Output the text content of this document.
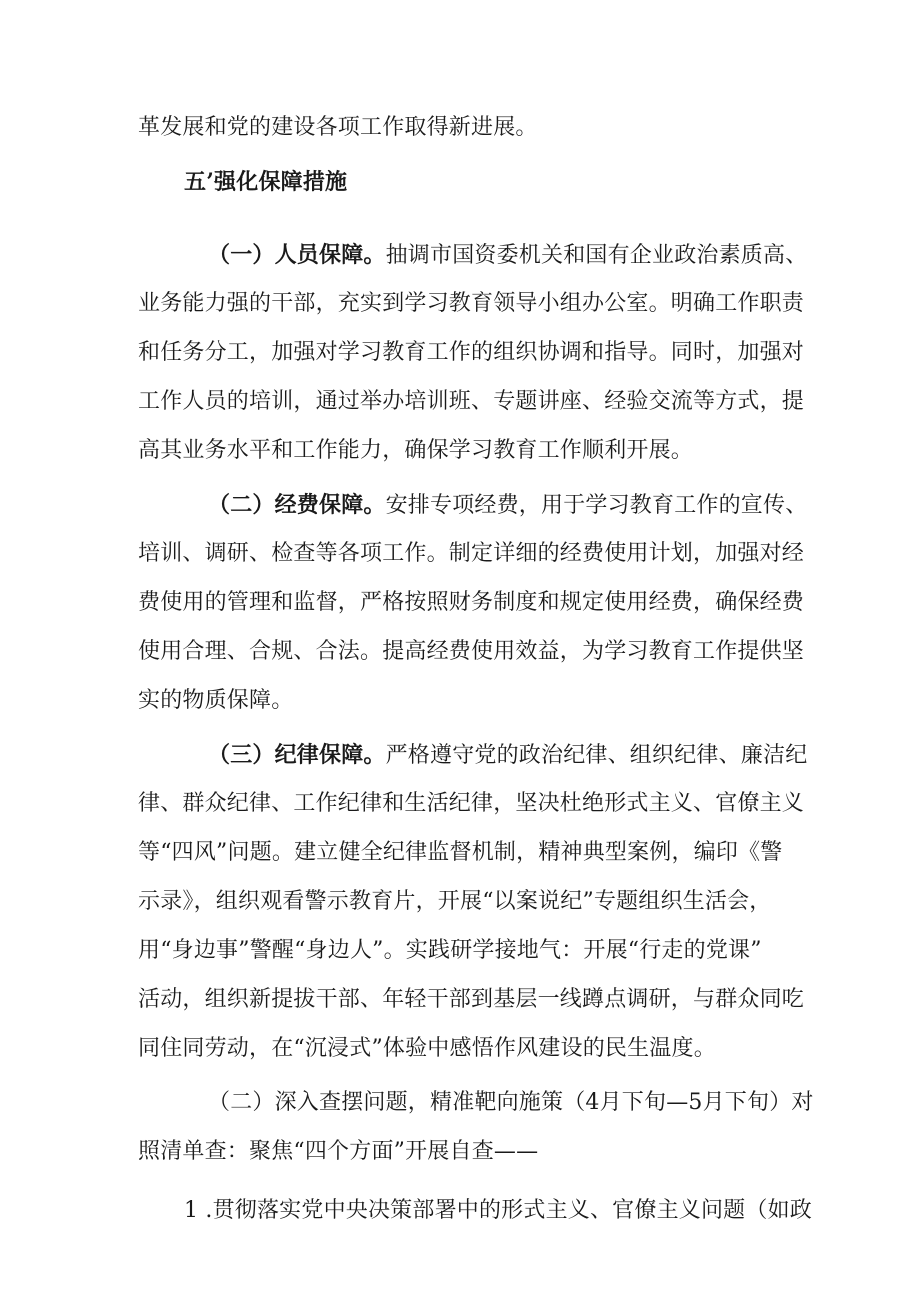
革发展和党的建设各项工作取得新进展。
五’强化保障措施
（一）人员保障。抽调市国资委机关和国有企业政治素质高、
业务能力强的干部，充实到学习教育领导小组办公室。明确工作职责
和任务分工，加强对学习教育工作的组织协调和指导。同时，加强对
工作人员的培训，通过举办培训班、专题讲座、经验交流等方式，提
高其业务水平和工作能力，确保学习教育工作顺利开展。
（二）经费保障。安排专项经费，用于学习教育工作的宣传、
培训、调研、检查等各项工作。制定详细的经费使用计划，加强对经
费使用的管理和监督，严格按照财务制度和规定使用经费，确保经费
使用合理、合规、合法。提高经费使用效益，为学习教育工作提供坚
实的物质保障。
（三）纪律保障。严格遵守党的政治纪律、组织纪律、廉洁纪
律、群众纪律、工作纪律和生活纪律，坚决杜绝形式主义、官僚主义
等“四风”问题。建立健全纪律监督机制，精神典型案例，编印《警
示录》，组织观看警示教育片，开展“以案说纪”专题组织生活会，
用“身边事”警醒“身边人”。实践研学接地气：开展“行走的党课”
活动，组织新提拔干部、年轻干部到基层一线蹲点调研，与群众同吃
同住同劳动，在“沉浸式”体验中感悟作风建设的民生温度。
（二）深入查摆问题，精准靶向施策（4月下旬—5月下旬）对
照清单查：聚焦“四个方面”开展自查——
1 .贯彻落实党中央决策部署中的形式主义、官僚主义问题（如政
